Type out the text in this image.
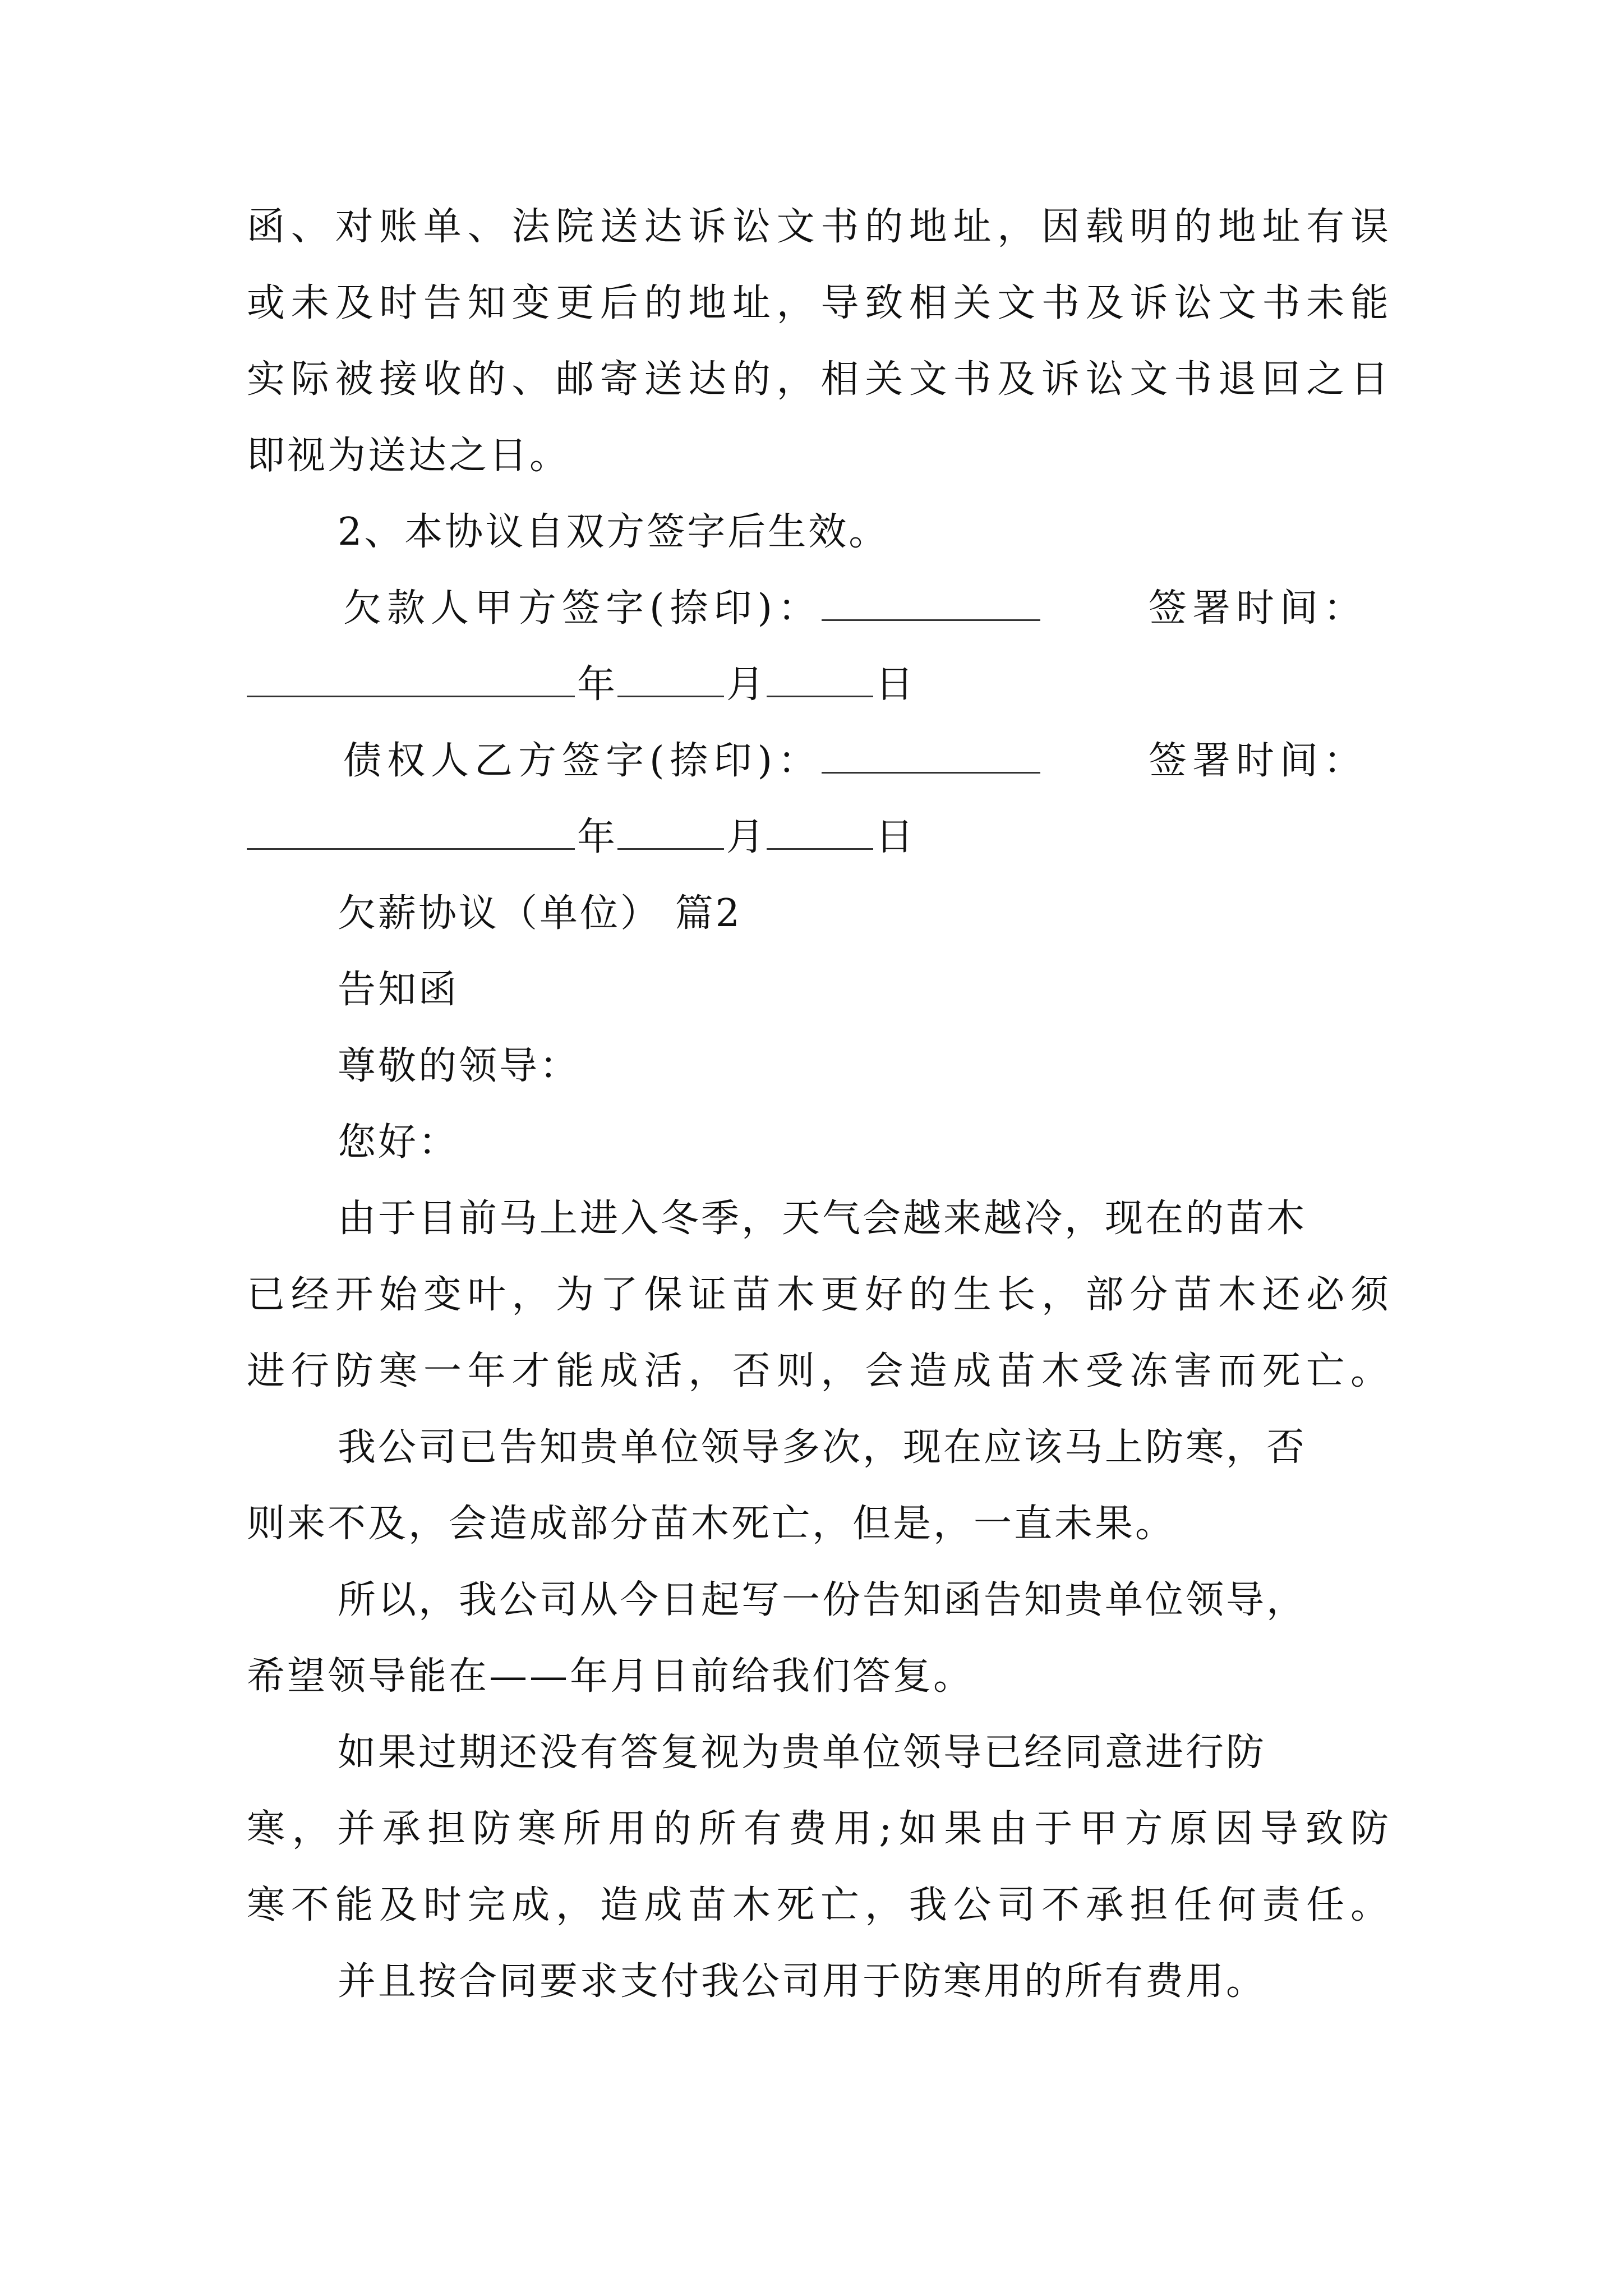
函、对账单、法院送达诉讼文书的地址，因载明的地址有误
或未及时告知变更后的地址，导致相关文书及诉讼文书未能
实际被接收的、邮寄送达的，相关文书及诉讼文书退回之日
即视为送达之日。
2、本协议自双方签字后生效。
欠款人甲方签字(捺印)：	签署时间：
年	月	日
债权人乙方签字(捺印)：	签署时间：
年	月	日
欠薪协议（单位） 篇2
告知函
尊敬的领导：
您好：
由于目前马上进入冬季，天气会越来越冷，现在的苗木
已经开始变叶，为了保证苗木更好的生长，部分苗木还必须
进行防寒一年才能成活，否则，会造成苗木受冻害而死亡。
我公司已告知贵单位领导多次，现在应该马上防寒，否
则来不及，会造成部分苗木死亡，但是，一直未果。
所以，我公司从今日起写一份告知函告知贵单位领导，
希望领导能在——年月日前给我们答复。
如果过期还没有答复视为贵单位领导已经同意进行防
寒，并承担防寒所用的所有费用;如果由于甲方原因导致防
寒不能及时完成，造成苗木死亡，我公司不承担任何责任。
并且按合同要求支付我公司用于防寒用的所有费用。
